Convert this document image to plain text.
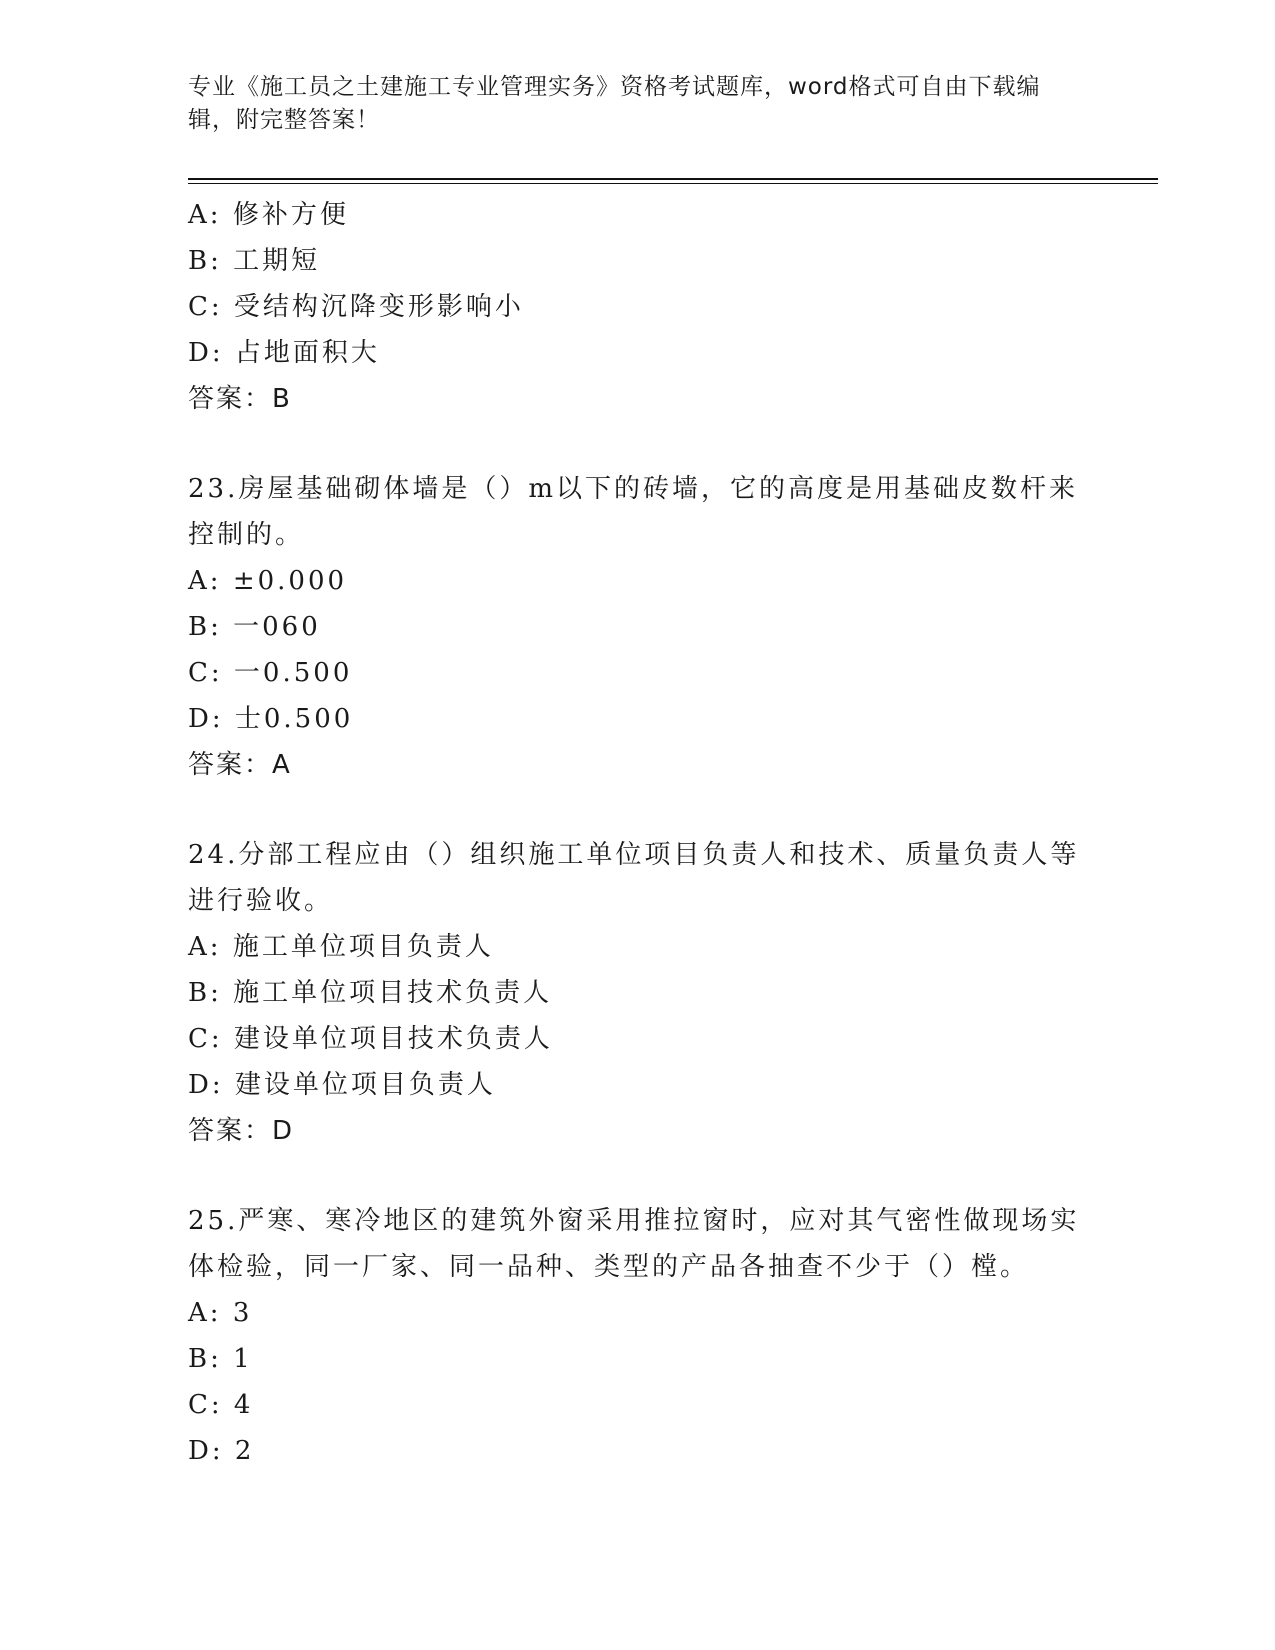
专业《施工员之土建施工专业管理实务》资格考试题库，word格式可自由下载编辑，附完整答案！
A: 修补方便
B: 工期短
C: 受结构沉降变形影响小
D: 占地面积大
答案：B
23.房屋基础砌体墙是（）m以下的砖墙，它的高度是用基础皮数杆来控制的。
A: ±0.000
B: 一060
C: 一0.500
D: 士0.500
答案：A
24.分部工程应由（）组织施工单位项目负责人和技术、质量负责人等进行验收。
A: 施工单位项目负责人
B: 施工单位项目技术负责人
C: 建设单位项目技术负责人
D: 建设单位项目负责人
答案：D
25.严寒、寒冷地区的建筑外窗采用推拉窗时，应对其气密性做现场实体检验，同一厂家、同一品种、类型的产品各抽查不少于（）樘。
A: 3
B: 1
C: 4
D: 2
